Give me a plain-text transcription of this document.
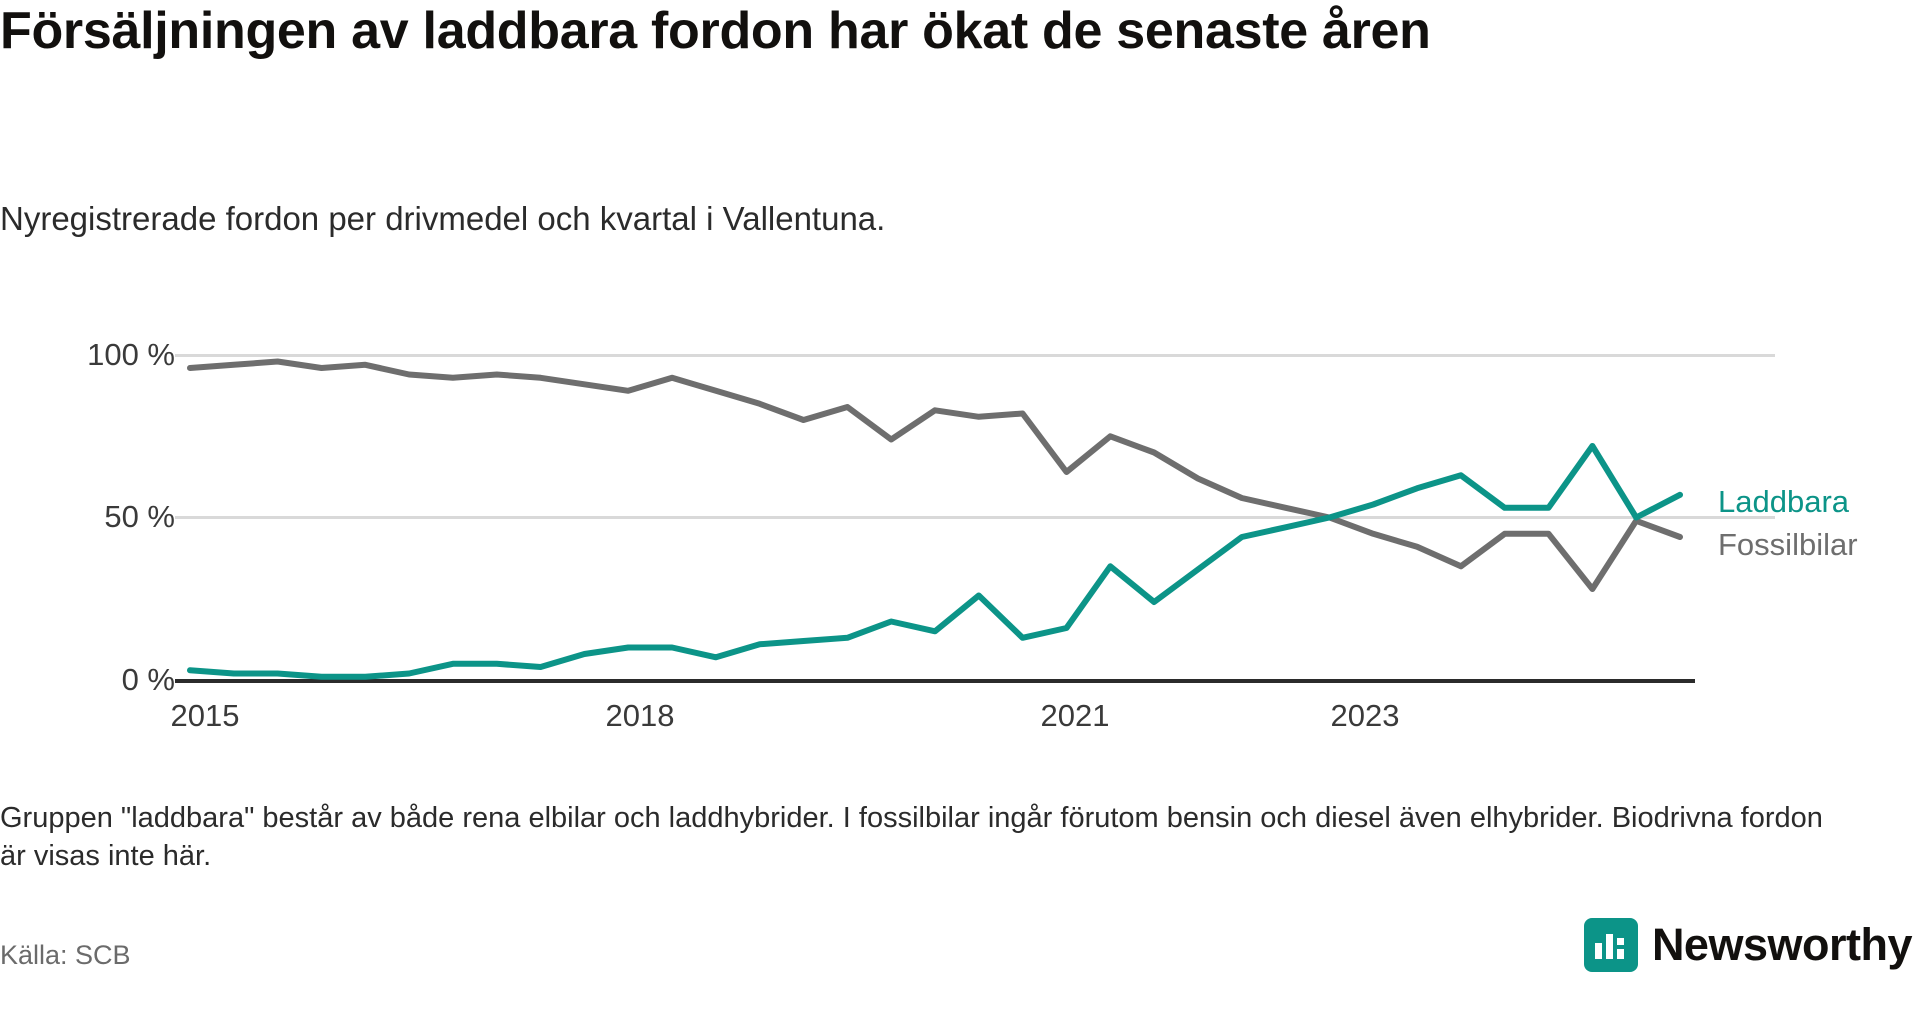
Försäljningen av laddbara fordon har ökat de senaste åren
Nyregistrerade fordon per drivmedel och kvartal i Vallentuna.
100 %
50 %
0 %
2015	2018	2021	2023
Laddbara
Fossilbilar
Gruppen "laddbara" består av både rena elbilar och laddhybrider. I fossilbilar ingår förutom bensin och diesel även elhybrider. Biodrivna fordon är visas inte här.
Källa: SCB	Newsworthy
